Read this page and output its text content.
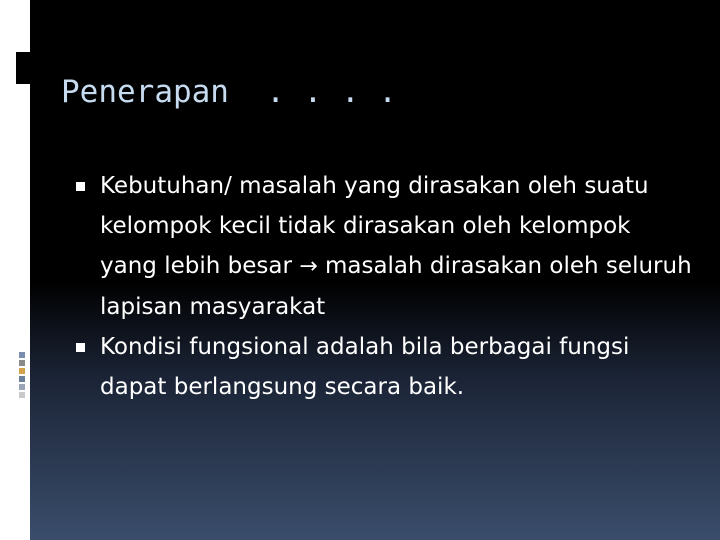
Penerapan  . . . .
Kebutuhan/ masalah yang dirasakan oleh suatu kelompok kecil tidak dirasakan oleh kelompok yang lebih besar → masalah dirasakan oleh seluruh lapisan masyarakat
Kondisi fungsional adalah bila berbagai fungsi dapat berlangsung secara baik.
